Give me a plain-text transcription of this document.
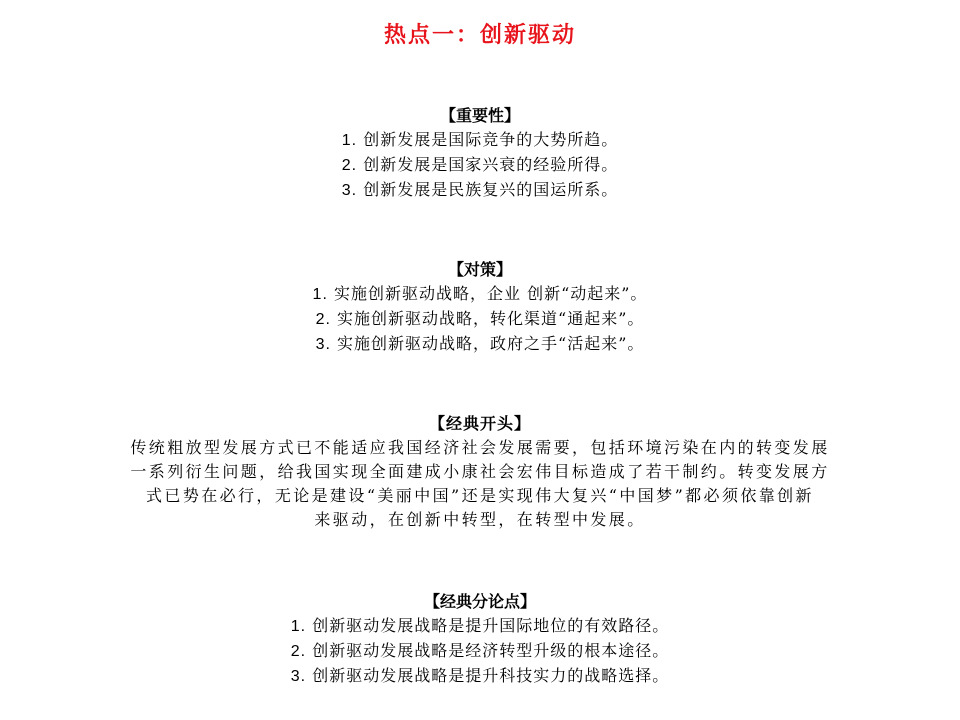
热点一：创新驱动
【重要性】
1. 创新发展是国际竞争的大势所趋。
2. 创新发展是国家兴衰的经验所得。
3. 创新发展是民族复兴的国运所系。
【对策】
1. 实施创新驱动战略，企业 创新“动起来”。
2. 实施创新驱动战略，转化渠道“通起来”。
3. 实施创新驱动战略，政府之手“活起来”。
【经典开头】
传统粗放型发展方式已不能适应我国经济社会发展需要，包括环境污染在内的转变发展
一系列衍生问题，给我国实现全面建成小康社会宏伟目标造成了若干制约。转变发展方
式已势在必行，无论是建设“美丽中国”还是实现伟大复兴“中国梦”都必须依靠创新
来驱动，在创新中转型，在转型中发展。
【经典分论点】
1. 创新驱动发展战略是提升国际地位的有效路径。
2. 创新驱动发展战略是经济转型升级的根本途径。
3. 创新驱动发展战略是提升科技实力的战略选择。
